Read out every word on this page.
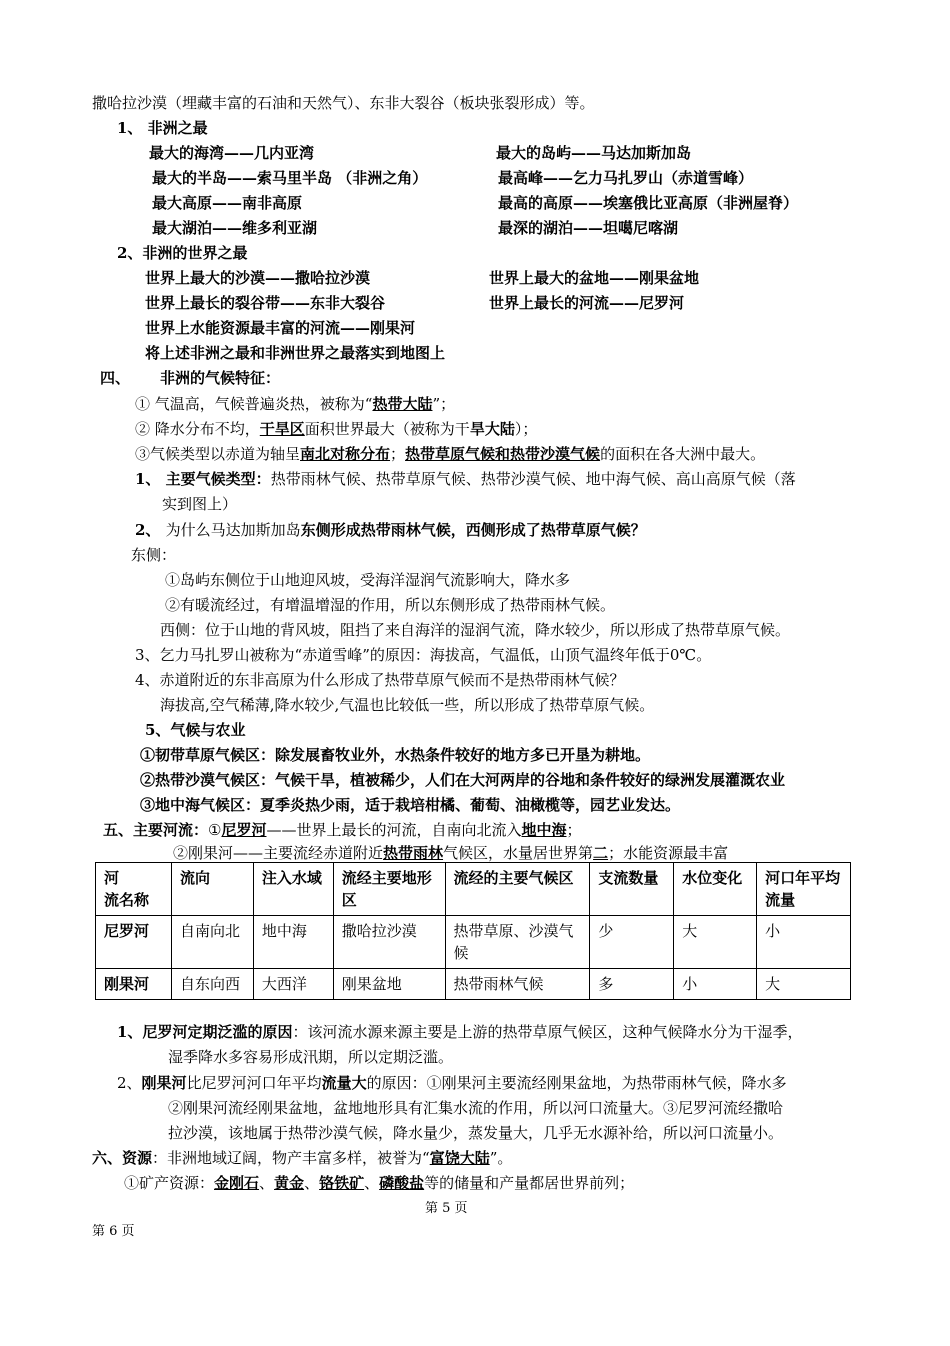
撒哈拉沙漠（埋藏丰富的石油和天然气）、东非大裂谷（板块张裂形成）等。
1、 非洲之最
最大的海湾——几内亚湾	最大的岛屿——马达加斯加岛
最大的半岛——索马里半岛 （非洲之角）	最高峰——乞力马扎罗山（赤道雪峰）
最大高原——南非高原	最高的高原——埃塞俄比亚高原（非洲屋脊）
最大湖泊——维多利亚湖	最深的湖泊——坦噶尼喀湖
2、非洲的世界之最
世界上最大的沙漠——撒哈拉沙漠	世界上最大的盆地——刚果盆地
世界上最长的裂谷带——东非大裂谷	世界上最长的河流——尼罗河
世界上水能资源最丰富的河流——刚果河
将上述非洲之最和非洲世界之最落实到地图上
四、 非洲的气候特征：
① 气温高，气候普遍炎热，被称为“热带大陆”；
② 降水分布不均，干旱区面积世界最大（被称为干旱大陆）；
③气候类型以赤道为轴呈南北对称分布；热带草原气候和热带沙漠气候的面积在各大洲中最大。
1、 主要气候类型：热带雨林气候、热带草原气候、热带沙漠气候、地中海气候、高山高原气候（落
实到图上）
2、 为什么马达加斯加岛东侧形成热带雨林气候，西侧形成了热带草原气候？
东侧：
①岛屿东侧位于山地迎风坡，受海洋湿润气流影响大，降水多
②有暖流经过，有增温增湿的作用，所以东侧形成了热带雨林气候。
西侧：位于山地的背风坡，阻挡了来自海洋的湿润气流，降水较少，所以形成了热带草原气候。
3、乞力马扎罗山被称为“赤道雪峰”的原因：海拔高，气温低，山顶气温终年低于0℃。
4、赤道附近的东非高原为什么形成了热带草原气候而不是热带雨林气候？
海拔高,空气稀薄,降水较少,气温也比较低一些，所以形成了热带草原气候。
5、气候与农业
①韧带草原气候区：除发展畜牧业外，水热条件较好的地方多已开垦为耕地。
②热带沙漠气候区：气候干旱，植被稀少，人们在大河两岸的谷地和条件较好的绿洲发展灌溉农业
③地中海气候区：夏季炎热少雨，适于栽培柑橘、葡萄、油橄榄等，园艺业发达。
五、主要河流：①尼罗河——世界上最长的河流，自南向北流入地中海；
②刚果河——主要流经赤道附近热带雨林气候区，水量居世界第二；水能资源最丰富
河　　流名称	流向	注入水域	流经主要地形区	流经的主要气候区	支流数量	水位变化	河口年平均流量
尼罗河	自南向北	地中海	撒哈拉沙漠	热带草原、沙漠气候	少	大	小
刚果河	自东向西	大西洋	刚果盆地	热带雨林气候	多	小	大
1、尼罗河定期泛滥的原因：该河流水源来源主要是上游的热带草原气候区，这种气候降水分为干湿季，
湿季降水多容易形成汛期，所以定期泛滥。
2、刚果河比尼罗河河口年平均流量大的原因：①刚果河主要流经刚果盆地，为热带雨林气候，降水多
②刚果河流经刚果盆地，盆地地形具有汇集水流的作用，所以河口流量大。③尼罗河流经撒哈
拉沙漠，该地属于热带沙漠气候，降水量少，蒸发量大，几乎无水源补给，所以河口流量小。
六、资源：非洲地域辽阔，物产丰富多样，被誉为“富饶大陆”。
①矿产资源：金刚石、黄金、铬铁矿、磷酸盐等的储量和产量都居世界前列；
第 5 页
第 6 页
